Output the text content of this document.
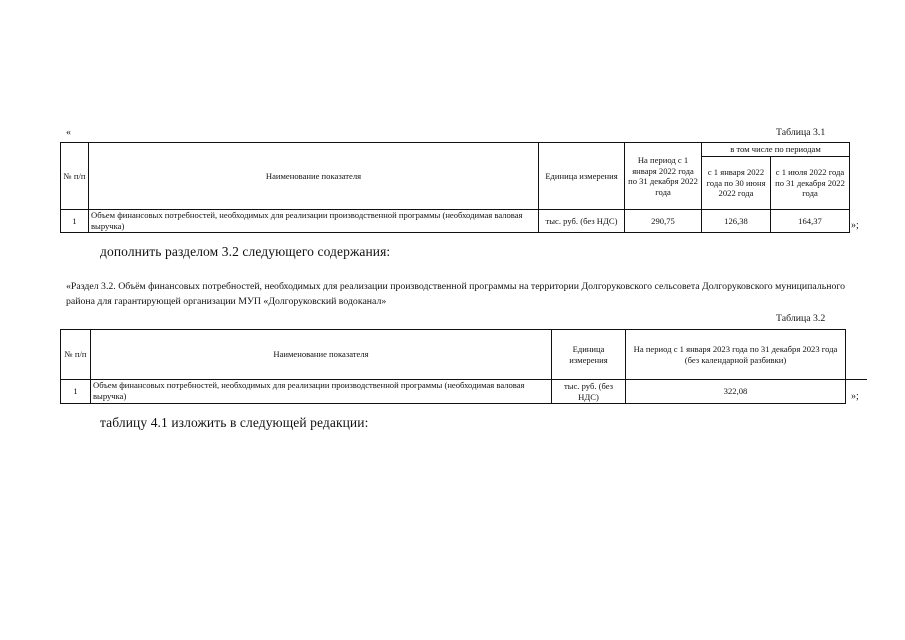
«	Таблица 3.1
№ п/п	Наименование показателя	Единица измерения	На период с 1 января 2022 года по 31 декабря 2022 года	в том числе по периодам	
				с 1 января 2022 года по 30 июня 2022 года	с 1 июля 2022 года по 31 декабря 2022 года
1	Объем финансовых потребностей, необходимых для реализации производственной программы (необходимая валовая выручка)	тыс. руб. (без НДС)	290,75	126,38	164,37	»;
дополнить разделом 3.2 следующего содержания:
«Раздел 3.2. Объём финансовых потребностей, необходимых для реализации производственной программы на территории Долгоруковского сельсовета Долгоруковского муниципального района для гарантирующей организации МУП «Долгоруковский водоканал»
Таблица 3.2
№ п/п	Наименование показателя	Единица измерения	На период с 1 января 2023 года по 31 декабря 2023 года (без календарной разбивки)
1	Объем финансовых потребностей, необходимых для реализации производственной программы (необходимая валовая выручка)	тыс. руб. (без НДС)	322,08	»;
таблицу 4.1 изложить в следующей редакции:
